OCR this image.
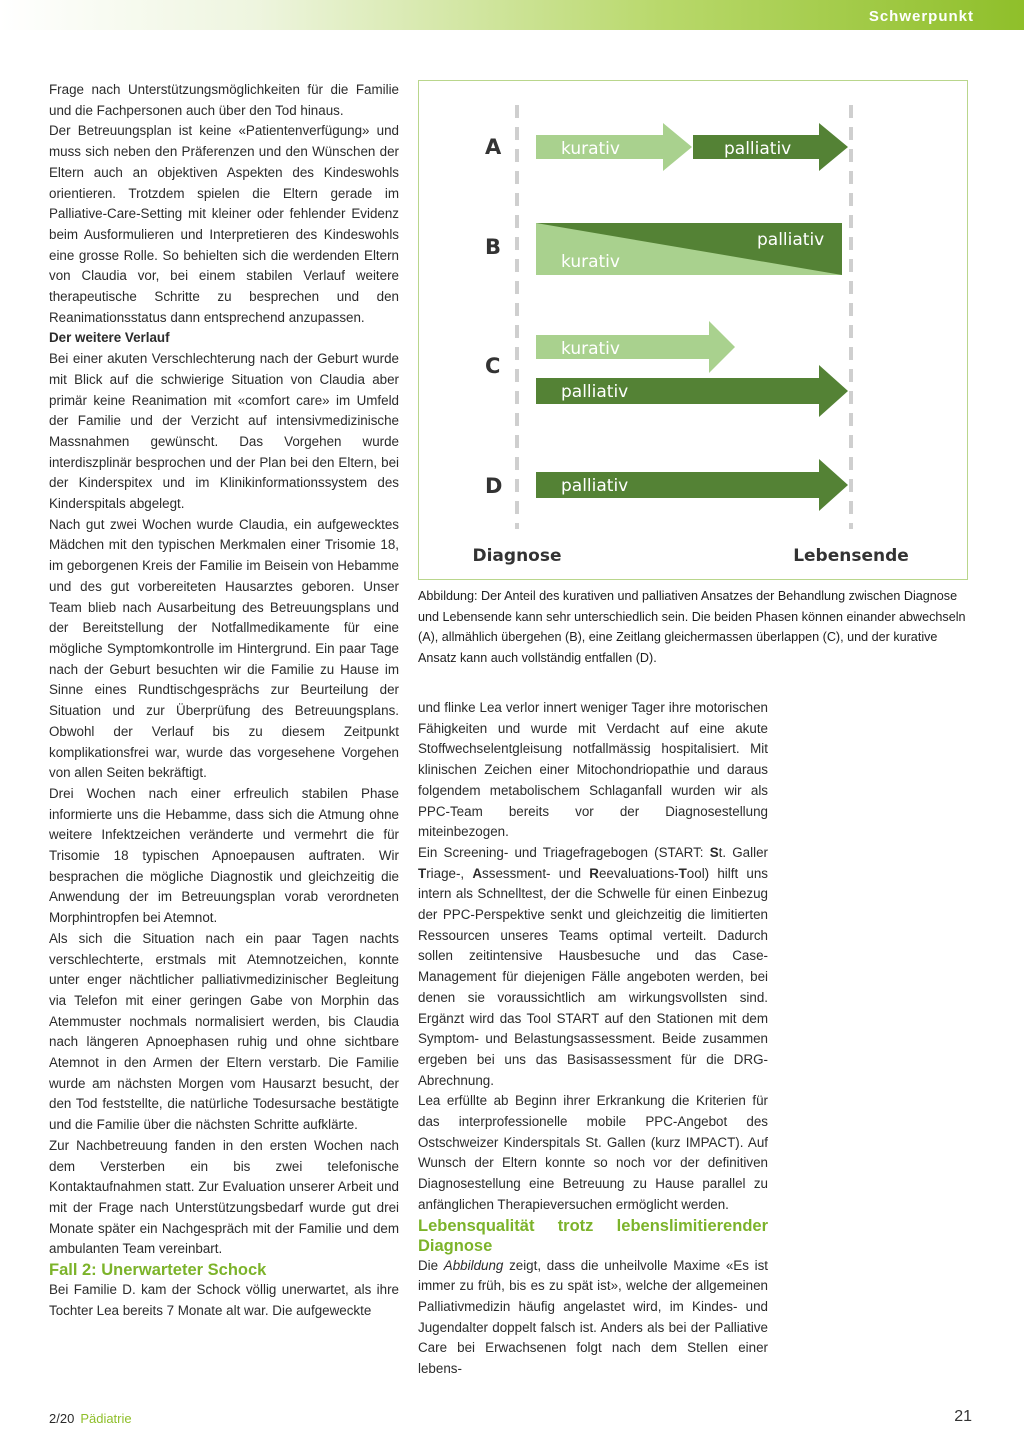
Schwerpunkt

Frage nach Unterstützungsmöglichkeiten für die Familie und die Fachpersonen auch über den Tod hinaus.

Der Betreuungsplan ist keine «Patientenverfügung» und muss sich neben den Präferenzen und den Wünschen der Eltern auch an objektiven Aspekten des Kindeswohls orientieren. Trotzdem spielen die Eltern gerade im Palliative-Care-Setting mit kleiner oder fehlender Evidenz beim Ausformulieren und Interpretieren des Kindeswohls eine grosse Rolle. So behielten sich die werdenden Eltern von Claudia vor, bei einem stabilen Verlauf weitere therapeutische Schritte zu besprechen und den Reanimationsstatus dann entsprechend anzupassen.

Der weitere Verlauf

Bei einer akuten Verschlechterung nach der Geburt wurde mit Blick auf die schwierige Situation von Claudia aber primär keine Reanimation mit «comfort care» im Umfeld der Familie und der Verzicht auf intensivmedizinische Massnahmen gewünscht. Das Vorgehen wurde interdiszplinär besprochen und der Plan bei den Eltern, bei der Kinderspitex und im Klinikinformationssystem des Kinderspitals abgelegt.

Nach gut zwei Wochen wurde Claudia, ein aufgewecktes Mädchen mit den typischen Merkmalen einer Trisomie 18, im geborgenen Kreis der Familie im Beisein von Hebamme und des gut vorbereiteten Hausarztes geboren. Unser Team blieb nach Ausarbeitung des Betreuungsplans und der Bereitstellung der Notfallmedikamente für eine mögliche Symptomkontrolle im Hintergrund. Ein paar Tage nach der Geburt besuchten wir die Familie zu Hause im Sinne eines Rundtischgesprächs zur Beurteilung der Situation und zur Überprüfung des Betreuungsplans. Obwohl der Verlauf bis zu diesem Zeitpunkt komplikationsfrei war, wurde das vorgesehene Vorgehen von allen Seiten bekräftigt.

Drei Wochen nach einer erfreulich stabilen Phase informierte uns die Hebamme, dass sich die Atmung ohne weitere Infektzeichen veränderte und vermehrt die für Trisomie 18 typischen Apnoepausen auftraten. Wir besprachen die mögliche Diagnostik und gleichzeitig die Anwendung der im Betreuungsplan vorab verordneten Morphintropfen bei Atemnot.

Als sich die Situation nach ein paar Tagen nachts verschlechterte, erstmals mit Atemnotzeichen, konnte unter enger nächtlicher palliativmedizinischer Begleitung via Telefon mit einer geringen Gabe von Morphin das Atemmuster nochmals normalisiert werden, bis Claudia nach längeren Apnoephasen ruhig und ohne sichtbare Atemnot in den Armen der Eltern verstarb. Die Familie wurde am nächsten Morgen vom Hausarzt besucht, der den Tod feststellte, die natürliche Todesursache bestätigte und die Familie über die nächsten Schritte aufklärte.

Zur Nachbetreuung fanden in den ersten Wochen nach dem Versterben ein bis zwei telefonische Kontaktaufnahmen statt. Zur Evaluation unserer Arbeit und mit der Frage nach Unterstützungsbedarf wurde gut drei Monate später ein Nachgespräch mit der Familie und dem ambulanten Team vereinbart.

Fall 2: Unerwarteter Schock

Bei Familie D. kam der Schock völlig unerwartet, als ihre Tochter Lea bereits 7 Monate alt war. Die aufgeweckte

A	kurativ	palliativ
B	palliativ
kurativ
C
kurativ
palliativ
D	palliativ
Diagnose	Lebensende

Abbildung: Der Anteil des kurativen und palliativen Ansatzes der Behandlung zwischen Diagnose und Lebensende kann sehr unterschiedlich sein. Die beiden Phasen können einander abwechseln (A), allmählich übergehen (B), eine Zeitlang gleichermassen überlappen (C), und der kurative Ansatz kann auch vollständig entfallen (D).

und flinke Lea verlor innert weniger Tager ihre motorischen Fähigkeiten und wurde mit Verdacht auf eine akute Stoffwechselentgleisung notfallmässig hospitalisiert. Mit klinischen Zeichen einer Mitochondriopathie und daraus folgendem metabolischem Schlaganfall wurden wir als PPC-Team bereits vor der Diagnosestellung miteinbezogen.

Ein Screening- und Triagefragebogen (START: St. Galler Triage-, Assessment- und Reevaluations-Tool) hilft uns intern als Schnelltest, der die Schwelle für einen Einbezug der PPC-Perspektive senkt und gleichzeitig die limitierten Ressourcen unseres Teams optimal verteilt. Dadurch sollen zeitintensive Hausbesuche und das Case-Management für diejenigen Fälle angeboten werden, bei denen sie voraussichtlich am wirkungsvollsten sind. Ergänzt wird das Tool START auf den Stationen mit dem Symptom- und Belastungsassessment. Beide zusammen ergeben bei uns das Basisassessment für die DRG-Abrechnung.

Lea erfüllte ab Beginn ihrer Erkrankung die Kriterien für das interprofessionelle mobile PPC-Angebot des Ostschweizer Kinderspitals St. Gallen (kurz IMPACT). Auf Wunsch der Eltern konnte so noch vor der definitiven Diagnosestellung eine Betreuung zu Hause parallel zu anfänglichen Therapieversuchen ermöglicht werden.

Lebensqualität trotz lebenslimitierender Diagnose

Die Abbildung zeigt, dass die unheilvolle Maxime «Es ist immer zu früh, bis es zu spät ist», welche der allgemeinen Palliativmedizin häufig angelastet wird, im Kindes- und Jugendalter doppelt falsch ist. Anders als bei der Palliative Care bei Erwachsenen folgt nach dem Stellen einer lebens-

2/20 Pädiatrie	21
